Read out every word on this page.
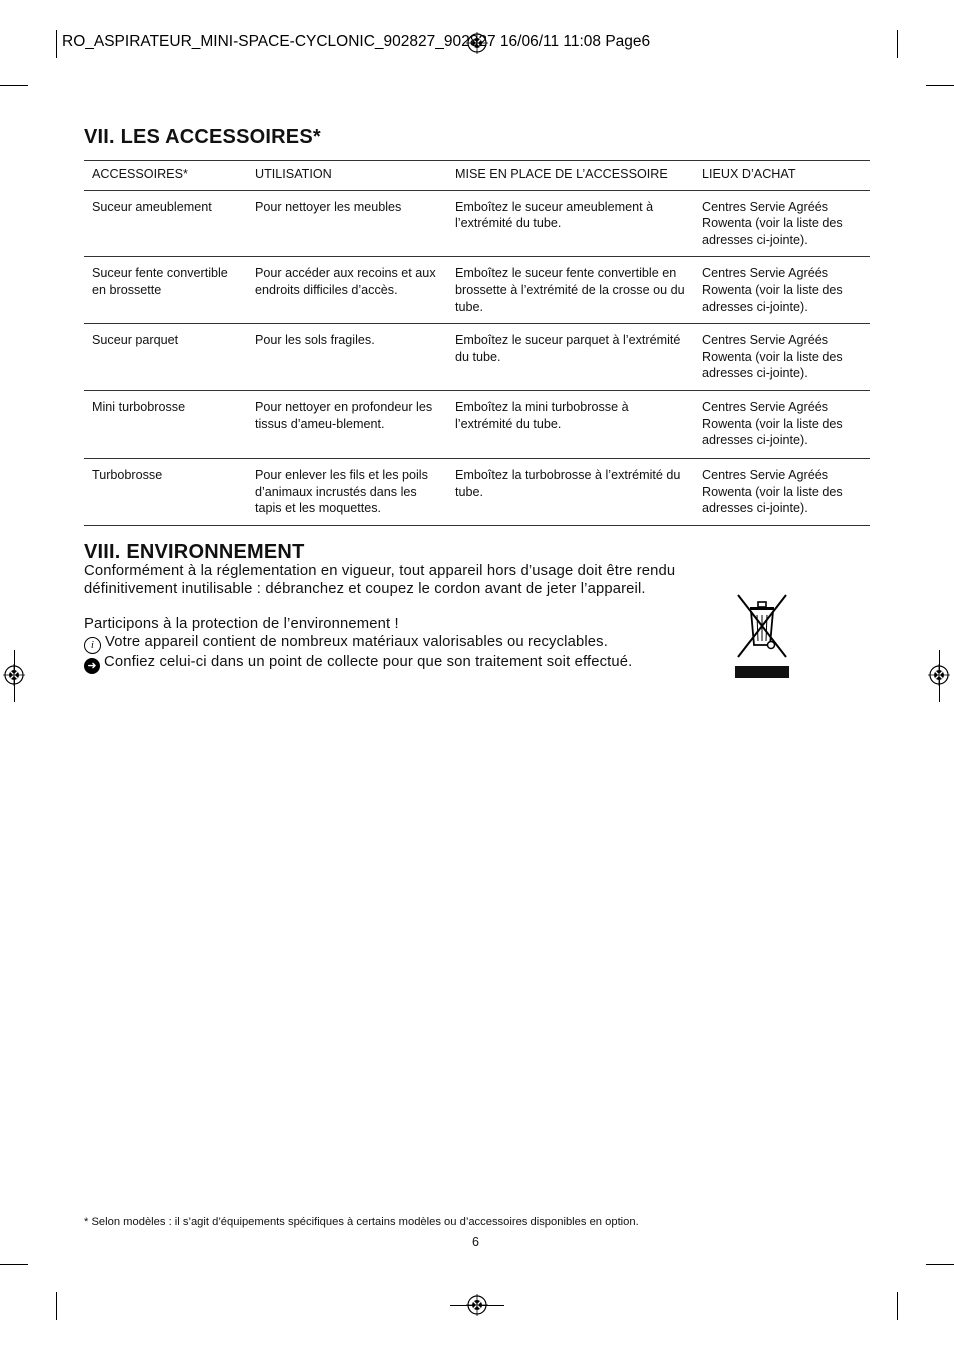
RO_ASPIRATEUR_MINI-SPACE-CYCLONIC_902827_902827 16/06/11 11:08 Page6
VII. LES ACCESSOIRES*
ACCESSOIRES*	UTILISATION	MISE EN PLACE DE L’ACCESSOIRE	LIEUX D’ACHAT
Suceur ameublement	Pour nettoyer les meubles	Emboîtez le suceur ameublement à l’extrémité du tube.	Centres Servie Agréés Rowenta (voir la liste des adresses ci-jointe).
Suceur fente convertible en brossette	Pour accéder aux recoins et aux endroits difficiles d’accès.	Emboîtez le suceur fente convertible en brossette à l’extrémité de la crosse ou du tube.	Centres Servie Agréés Rowenta (voir la liste des adresses ci-jointe).
Suceur parquet	Pour les sols fragiles.	Emboîtez le suceur parquet à l’extrémité du tube.	Centres Servie Agréés Rowenta (voir la liste des adresses ci-jointe).
Mini turbobrosse	Pour nettoyer en profondeur les tissus d’ameu-blement.	Emboîtez la mini turbobrosse à l’extrémité du tube.	Centres Servie Agréés Rowenta (voir la liste des adresses ci-jointe).
Turbobrosse	Pour enlever les fils et les poils d’animaux incrustés dans les tapis et les moquettes.	Emboîtez la turbobrosse à l’extrémité du tube.	Centres Servie Agréés Rowenta (voir la liste des adresses ci-jointe).
VIII. ENVIRONNEMENT

Conformément à la réglementation en vigueur, tout appareil hors d’usage doit être rendu définitivement inutilisable : débranchez et coupez le cordon avant de jeter l’appareil.

Participons à la protection de l’environnement !

i Votre appareil contient de nombreux matériaux valorisables ou recyclables.

➜ Confiez celui-ci dans un point de collecte pour que son traitement soit effectué.

* Selon modèles : il s’agit d’équipements spécifiques à certains modèles ou d’accessoires disponibles en option.
6
